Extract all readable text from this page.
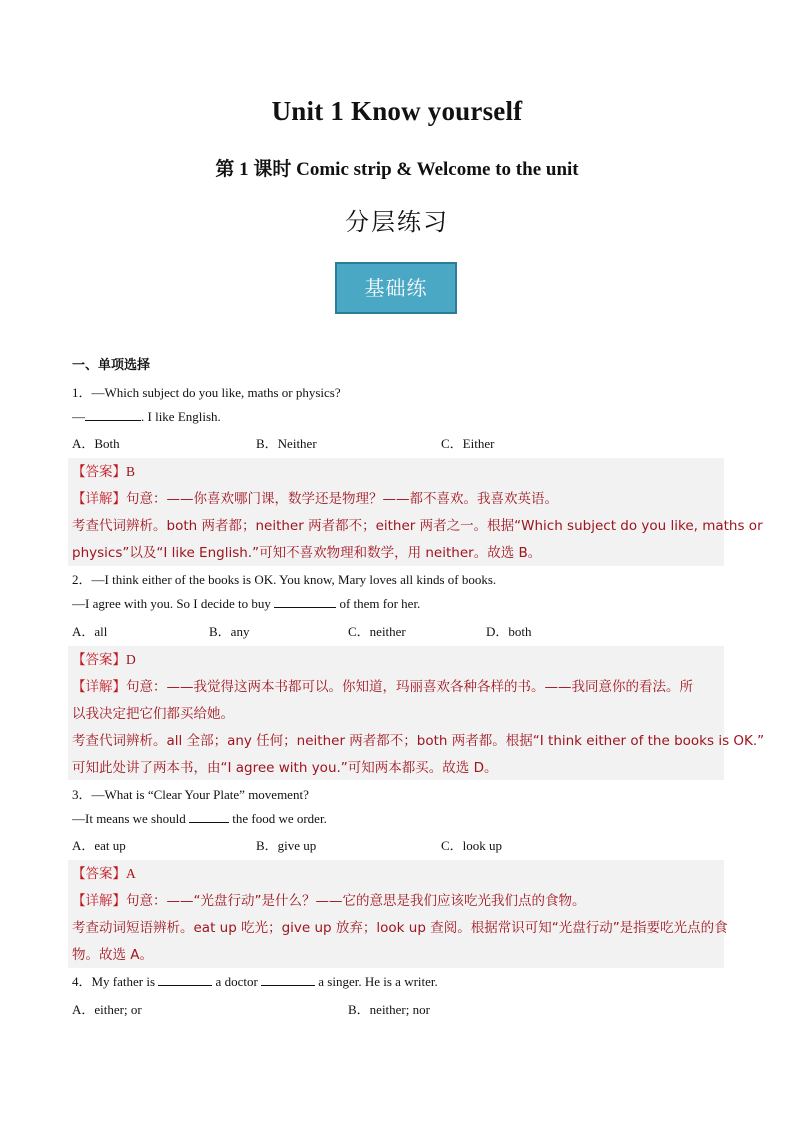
Unit 1 Know yourself
第 1 课时 Comic strip & Welcome to the unit
分层练习
基础练
一、单项选择
1．—Which subject do you like, maths or physics?
—	. I like English.
A．Both	B．Neither	C．Either
【答案】B
【详解】句意：——你喜欢哪门课，数学还是物理？——都不喜欢。我喜欢英语。
考查代词辨析。both 两者都；neither 两者都不；either 两者之一。根据“Which subject do you like, maths or
physics”以及“I like English.”可知不喜欢物理和数学，用 neither。故选 B。
2．—I think either of the books is OK. You know, Mary loves all kinds of books.
—I agree with you. So I decide to buy	of them for her.
A．all	B．any	C．neither	D．both
【答案】D
【详解】句意：——我觉得这两本书都可以。你知道，玛丽喜欢各种各样的书。——我同意你的看法。所
以我决定把它们都买给她。
考查代词辨析。all 全部；any 任何；neither 两者都不；both 两者都。根据“I think either of the books is OK.”
可知此处讲了两本书，由“I agree with you.”可知两本都买。故选 D。
3．—What is “Clear Your Plate” movement?
—It means we should	the food we order.
A．eat up	B．give up	C．look up
【答案】A
【详解】句意：——“光盘行动”是什么？——它的意思是我们应该吃光我们点的食物。
考查动词短语辨析。eat up 吃光；give up 放弃；look up 查阅。根据常识可知“光盘行动”是指要吃光点的食
物。故选 A。
4．My father is	a doctor	a singer. He is a writer.
A．either; or	B．neither; nor
